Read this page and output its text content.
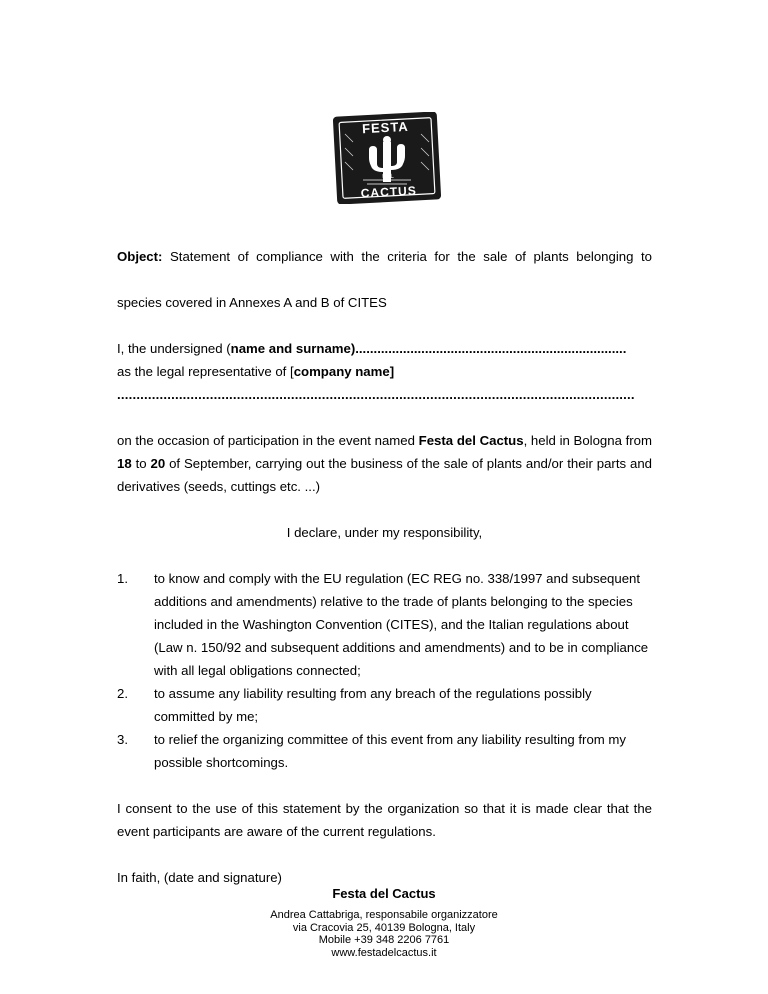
FESTA
DEL
CACTUS

Object: Statement of compliance with the criteria for the sale of plants belonging to

species covered in Annexes A and B of CITES

I, the undersigned (name and surname)..........................................................................

as the legal representative of [company name]

......................................................................................................................................

on the occasion of participation in the event named Festa del Cactus, held in Bologna from 18 to 20 of September, carrying out the business of the sale of plants and/or their parts and derivatives (seeds, cuttings etc. ...)

I declare, under my responsibility,

1. to know and comply with the EU regulation (EC REG no. 338/1997 and subsequent additions and amendments) relative to the trade of plants belonging to the species included in the Washington Convention (CITES), and the Italian regulations about (Law n. 150/92 and subsequent additions and amendments) and to be in compliance with all legal obligations connected;
2. to assume any liability resulting from any breach of the regulations possibly committed by me;
3. to relief the organizing committee of this event from any liability resulting from my possible shortcomings.

I consent to the use of this statement by the organization so that it is made clear that the event participants are aware of the current regulations.

In faith, (date and signature)

Festa del Cactus
Andrea Cattabriga, responsabile organizzatore
via Cracovia 25, 40139 Bologna, Italy
Mobile +39 348 2206 7761
www.festadelcactus.it
